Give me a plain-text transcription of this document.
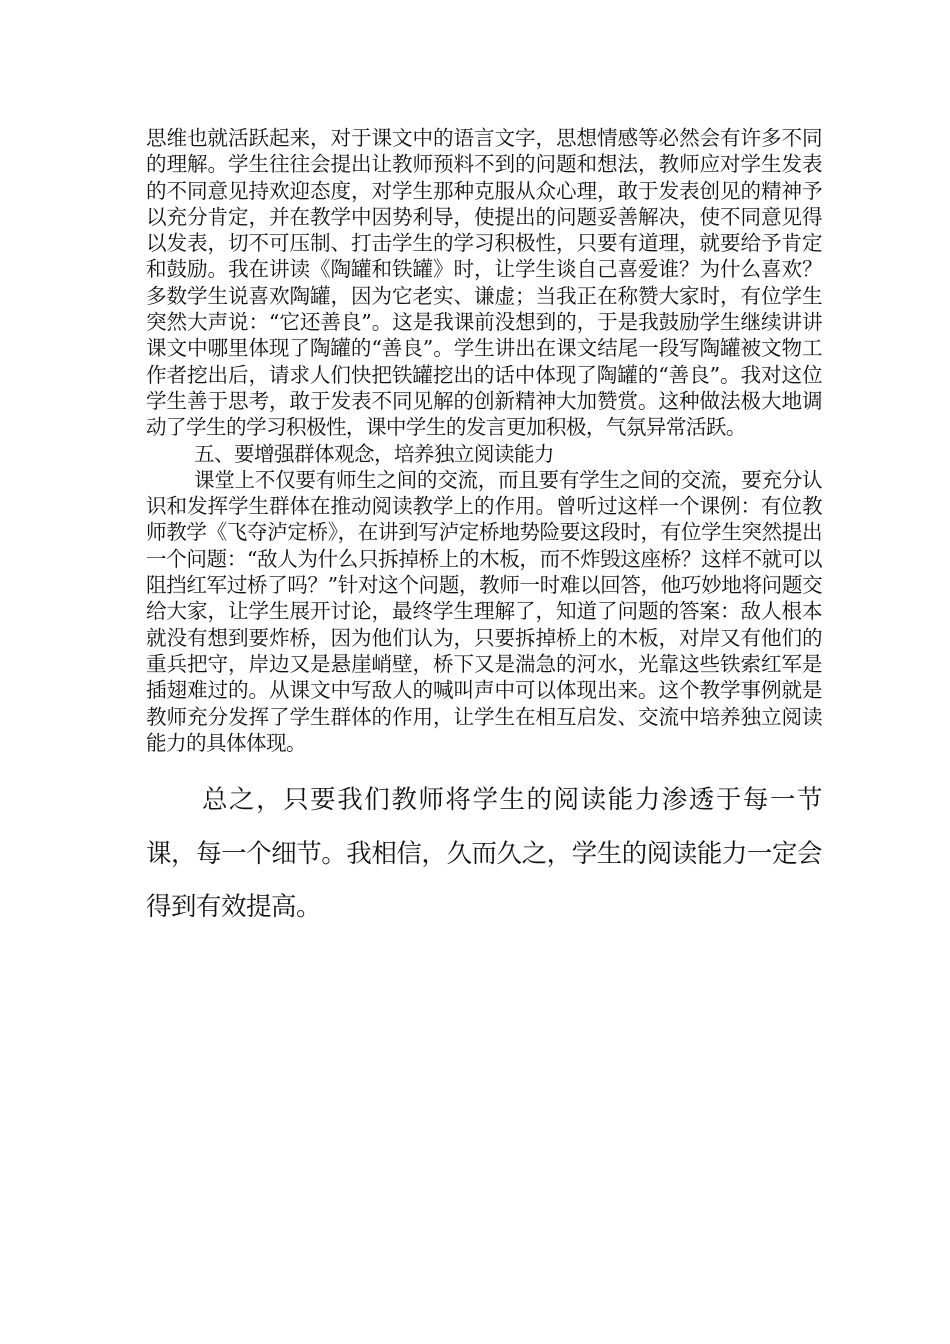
思维也就活跃起来，对于课文中的语言文字，思想情感等必然会有许多不同的理解。学生往往会提出让教师预料不到的问题和想法，教师应对学生发表的不同意见持欢迎态度，对学生那种克服从众心理，敢于发表创见的精神予以充分肯定，并在教学中因势利导，使提出的问题妥善解决，使不同意见得以发表，切不可压制、打击学生的学习积极性，只要有道理，就要给予肯定和鼓励。我在讲读《陶罐和铁罐》时，让学生谈自己喜爱谁？为什么喜欢？多数学生说喜欢陶罐，因为它老实、谦虚；当我正在称赞大家时，有位学生突然大声说：“它还善良”。这是我课前没想到的，于是我鼓励学生继续讲讲课文中哪里体现了陶罐的“善良”。学生讲出在课文结尾一段写陶罐被文物工作者挖出后，请求人们快把铁罐挖出的话中体现了陶罐的“善良”。我对这位学生善于思考，敢于发表不同见解的创新精神大加赞赏。这种做法极大地调动了学生的学习积极性，课中学生的发言更加积极，气氛异常活跃。

五、要增强群体观念，培养独立阅读能力

课堂上不仅要有师生之间的交流，而且要有学生之间的交流，要充分认识和发挥学生群体在推动阅读教学上的作用。曾听过这样一个课例：有位教师教学《飞夺泸定桥》，在讲到写泸定桥地势险要这段时，有位学生突然提出一个问题：“敌人为什么只拆掉桥上的木板，而不炸毁这座桥？这样不就可以阻挡红军过桥了吗？”针对这个问题，教师一时难以回答，他巧妙地将问题交给大家，让学生展开讨论，最终学生理解了，知道了问题的答案：敌人根本就没有想到要炸桥，因为他们认为，只要拆掉桥上的木板，对岸又有他们的重兵把守，岸边又是悬崖峭壁，桥下又是湍急的河水，光靠这些铁索红军是插翅难过的。从课文中写敌人的喊叫声中可以体现出来。这个教学事例就是教师充分发挥了学生群体的作用，让学生在相互启发、交流中培养独立阅读能力的具体体现。

总之，只要我们教师将学生的阅读能力渗透于每一节课，每一个细节。我相信，久而久之，学生的阅读能力一定会得到有效提高。
